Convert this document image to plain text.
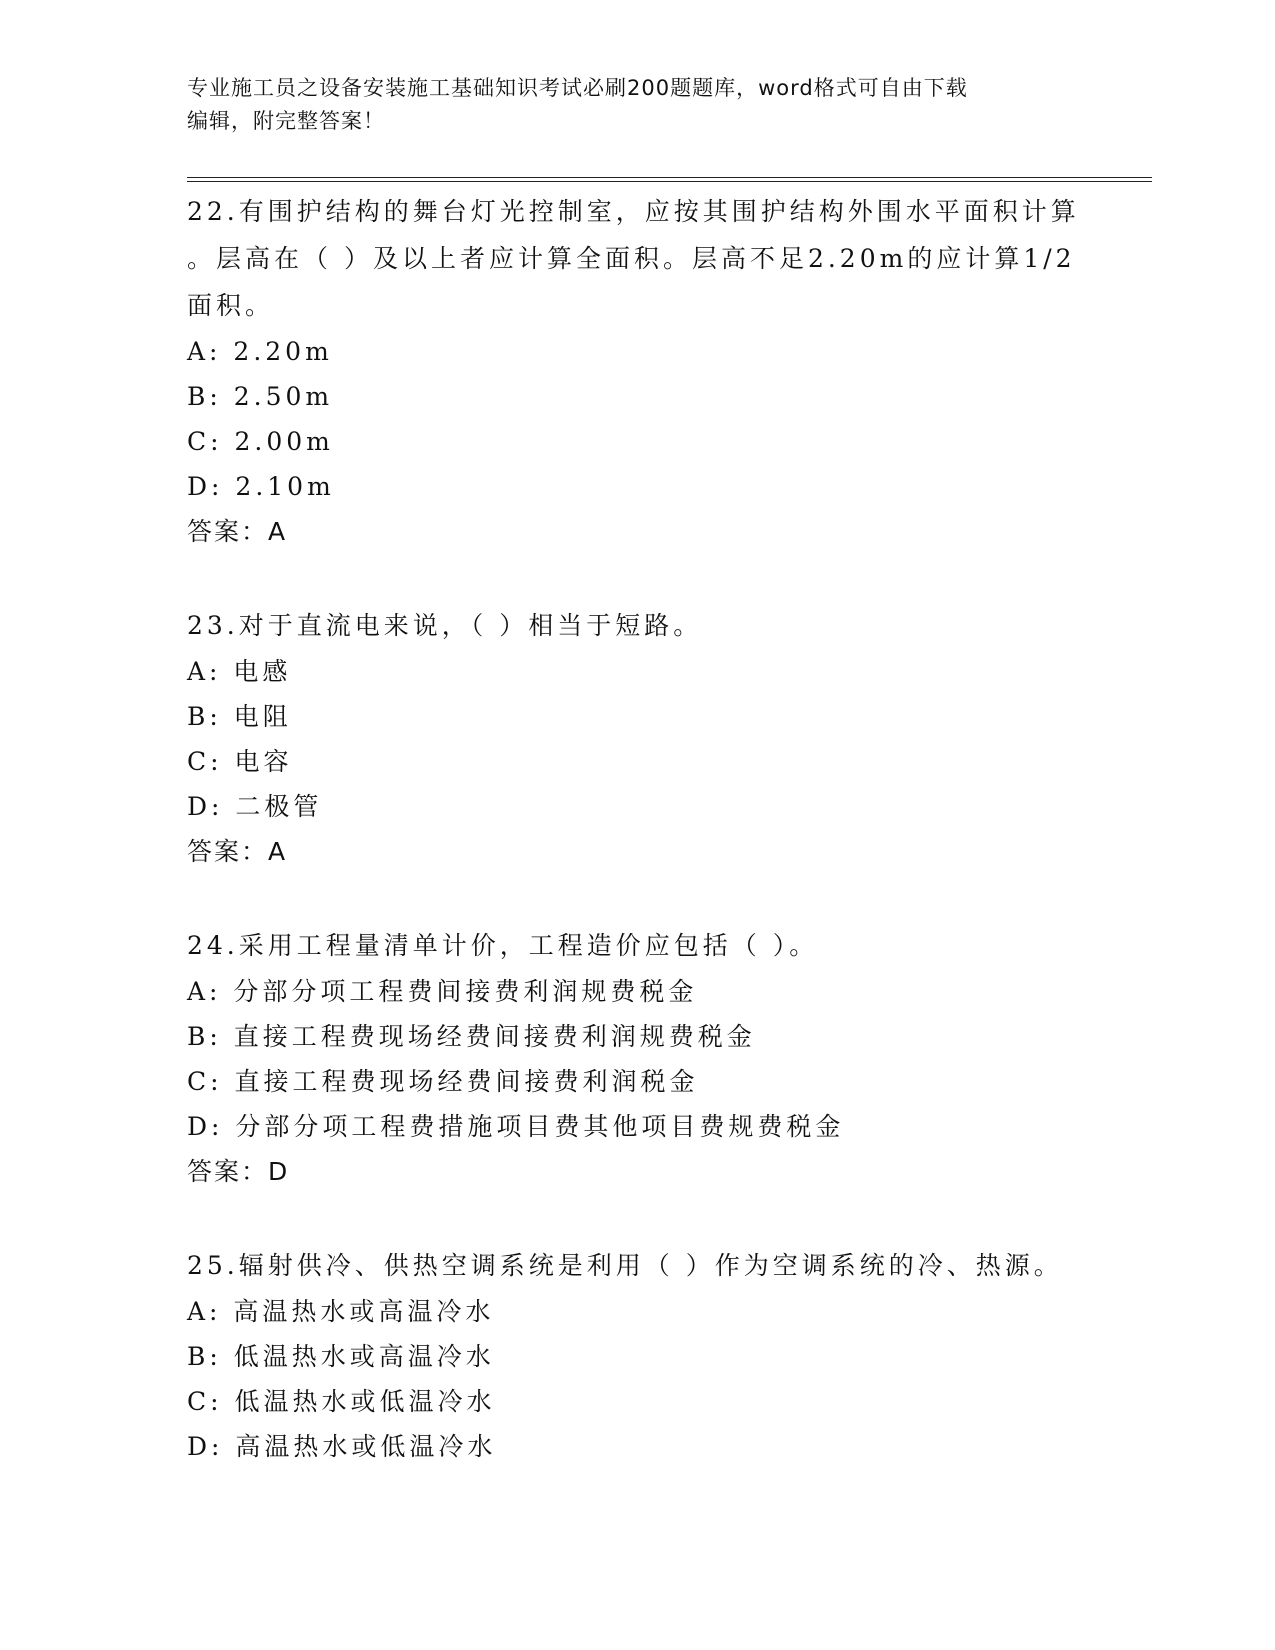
专业施工员之设备安装施工基础知识考试必刷200题题库，word格式可自由下载
编辑，附完整答案！
22.有围护结构的舞台灯光控制室，应按其围护结构外围水平面积计算
。层高在（ ）及以上者应计算全面积。层高不足2.20m的应计算1/2
面积。
A: 2.20m
B: 2.50m
C: 2.00m
D: 2.10m
答案：A
23.对于直流电来说，（ ）相当于短路。
A: 电感
B: 电阻
C: 电容
D: 二极管
答案：A
24.采用工程量清单计价，工程造价应包括（ ）。
A: 分部分项工程费间接费利润规费税金
B: 直接工程费现场经费间接费利润规费税金
C: 直接工程费现场经费间接费利润税金
D: 分部分项工程费措施项目费其他项目费规费税金
答案：D
25.辐射供冷、供热空调系统是利用（ ）作为空调系统的冷、热源。
A: 高温热水或高温冷水
B: 低温热水或高温冷水
C: 低温热水或低温冷水
D: 高温热水或低温冷水
